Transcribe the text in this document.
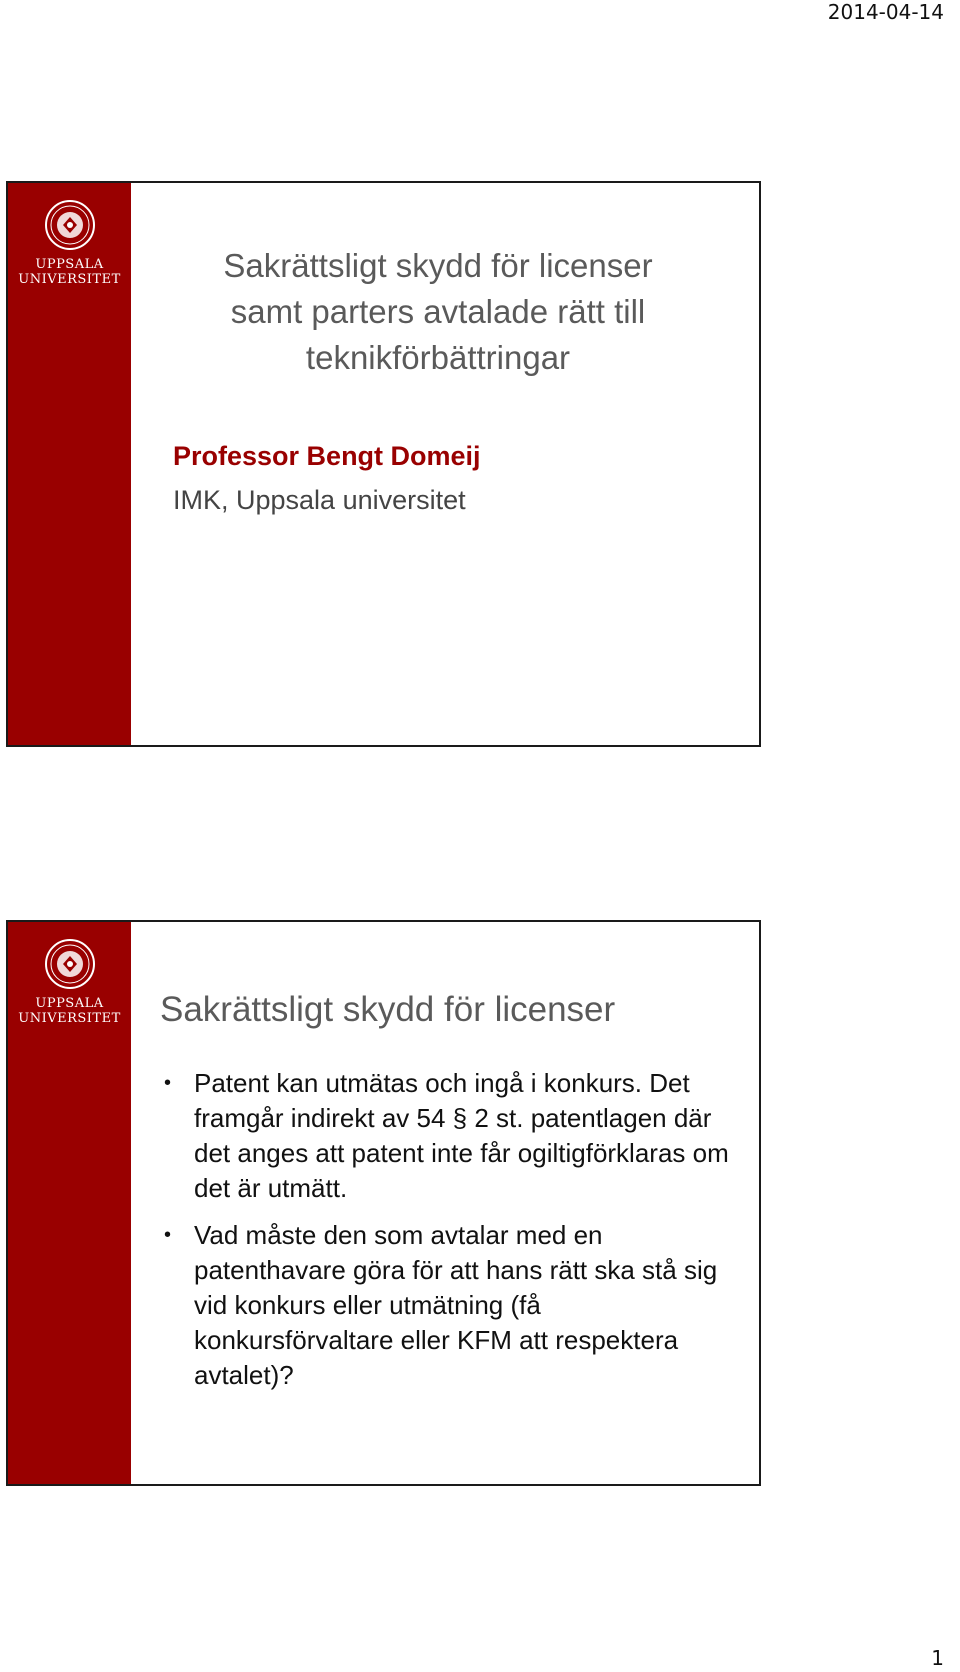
2014-04-14
UPPSALA
UNIVERSITET	Sakrättsligt skydd för licenser
samt parters avtalade rätt till
teknikförbättringar
Professor Bengt Domeij
IMK, Uppsala universitet
UPPSALA
UNIVERSITET Sakrättsligt skydd för licenser
• Patent kan utmätas och ingå i konkurs. Det framgår indirekt av 54 § 2 st. patentlagen där det anges att patent inte får ogiltigförklaras om det är utmätt.
• Vad måste den som avtalar med en patenthavare göra för att hans rätt ska stå sig vid konkurs eller utmätning (få konkursförvaltare eller KFM att respektera avtalet)?
1
